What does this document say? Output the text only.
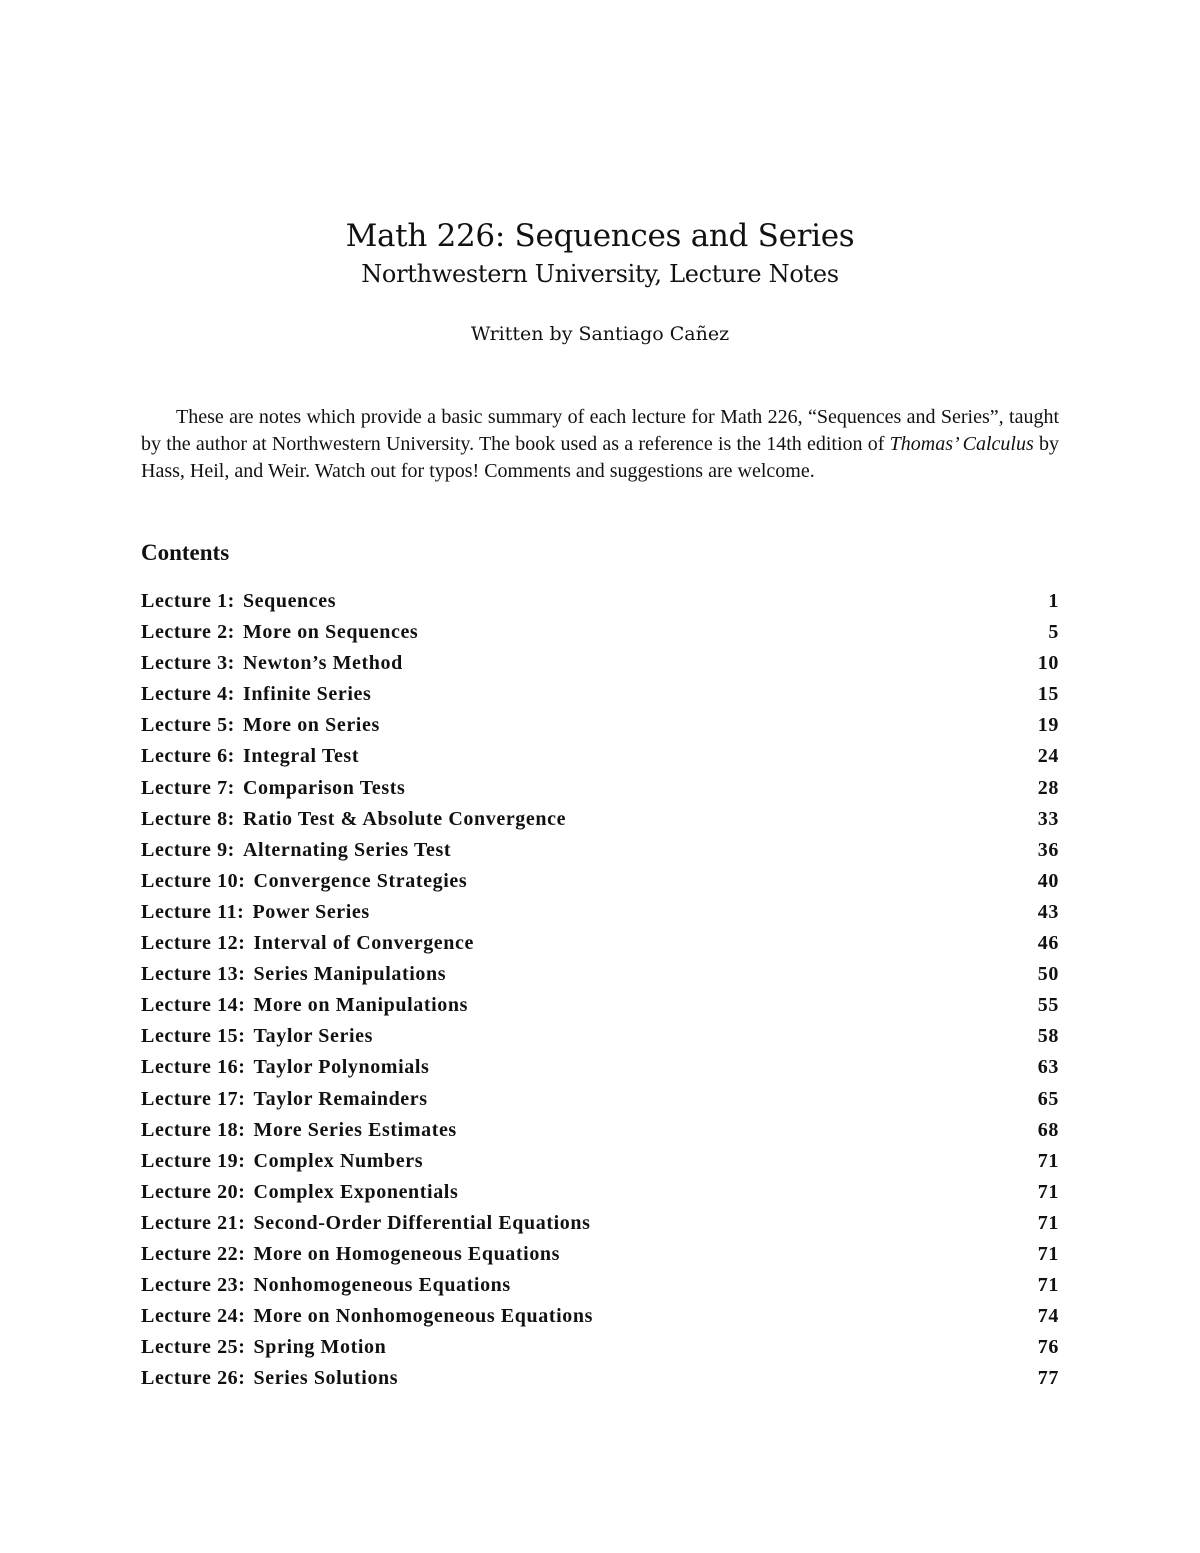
Math 226: Sequences and Series
Northwestern University, Lecture Notes
Written by Santiago Cañez

These are notes which provide a basic summary of each lecture for Math 226, “Sequences and Series”, taught by the author at Northwestern University. The book used as a reference is the 14th edition of Thomas’ Calculus by Hass, Heil, and Weir. Watch out for typos! Comments and suggestions are welcome.

Contents
Lecture 1: Sequences	1
Lecture 2: More on Sequences	5
Lecture 3: Newton’s Method	10
Lecture 4: Infinite Series	15
Lecture 5: More on Series	19
Lecture 6: Integral Test	24
Lecture 7: Comparison Tests	28
Lecture 8: Ratio Test & Absolute Convergence	33
Lecture 9: Alternating Series Test	36
Lecture 10: Convergence Strategies	40
Lecture 11: Power Series	43
Lecture 12: Interval of Convergence	46
Lecture 13: Series Manipulations	50
Lecture 14: More on Manipulations	55
Lecture 15: Taylor Series	58
Lecture 16: Taylor Polynomials	63
Lecture 17: Taylor Remainders	65
Lecture 18: More Series Estimates	68
Lecture 19: Complex Numbers	71
Lecture 20: Complex Exponentials	71
Lecture 21: Second-Order Differential Equations	71
Lecture 22: More on Homogeneous Equations	71
Lecture 23: Nonhomogeneous Equations	71
Lecture 24: More on Nonhomogeneous Equations	74
Lecture 25: Spring Motion	76
Lecture 26: Series Solutions	77
